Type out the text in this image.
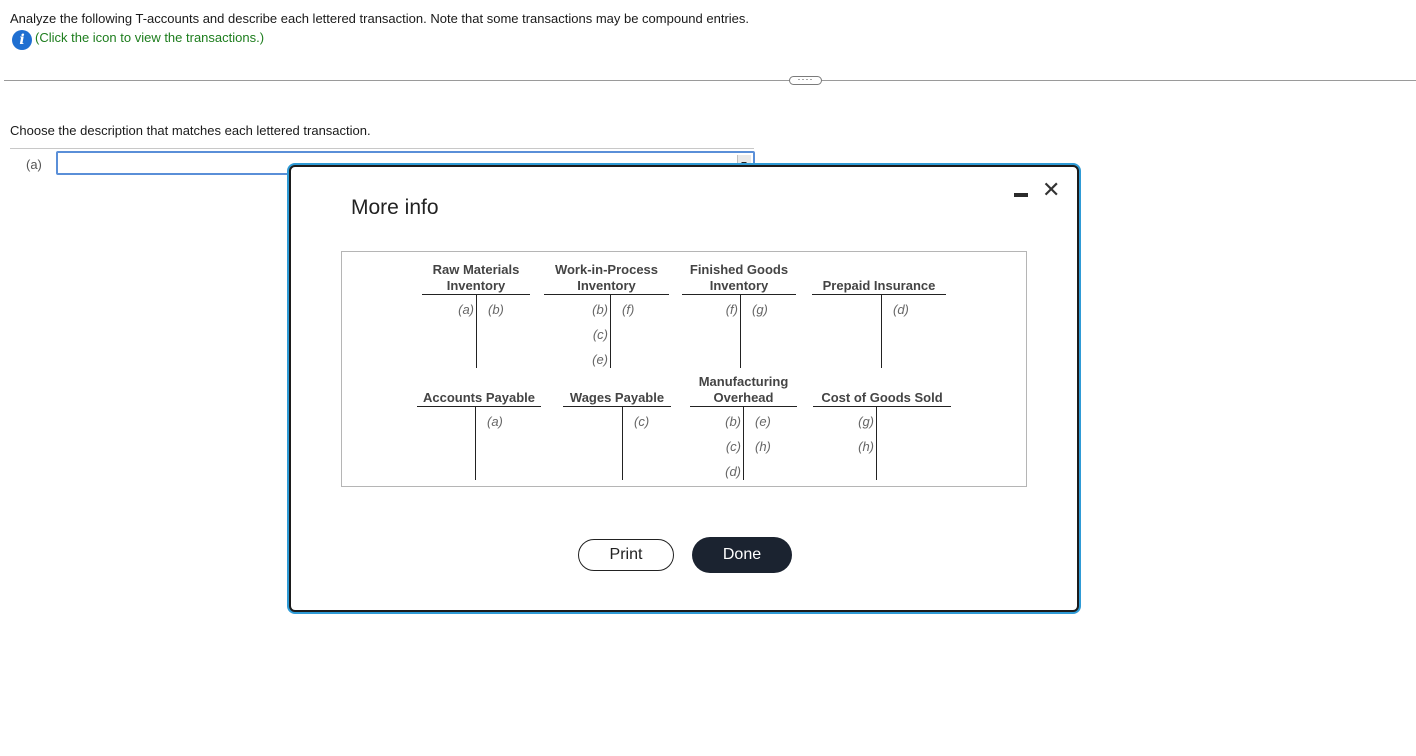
Analyze the following T-accounts and describe each lettered transaction. Note that some transactions may be compound entries.
i (Click the icon to view the transactions.)
····
Choose the description that matches each lettered transaction.
(a)
More info
✕
Raw Materials
Inventory
(a) (b)
Work-in-Process
Inventory
(b)
(c)
(e)
(f)
Finished Goods
Inventory
(f) (g)
Prepaid Insurance
(d)
Accounts Payable
(a)
Wages Payable
(c)
Manufacturing
Overhead
(b)
(c)
(d)
(e)
(h)
Cost of Goods Sold
(g)
(h)
Print	Done
